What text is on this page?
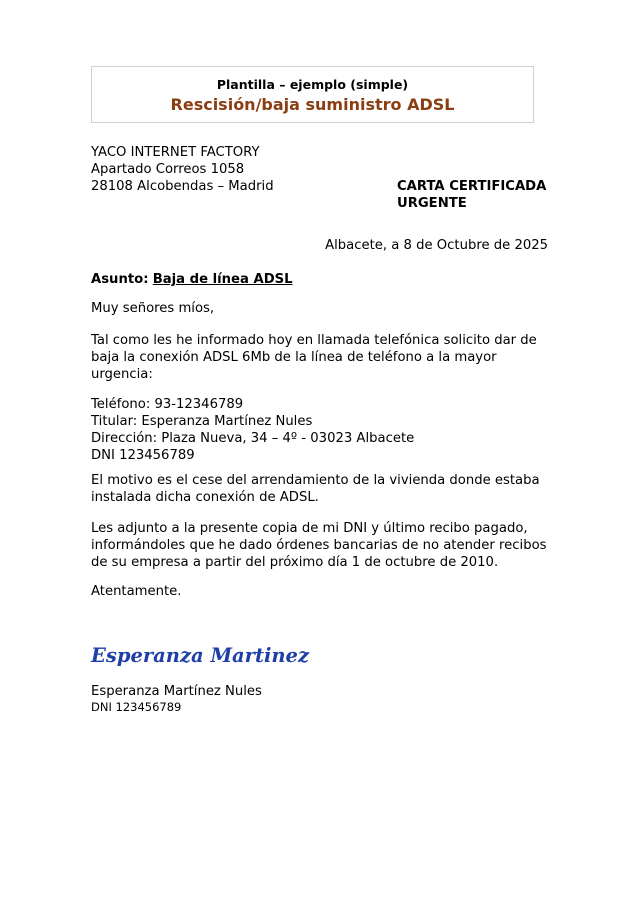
Plantilla – ejemplo (simple)
Rescisión/baja suministro ADSL
YACO INTERNET FACTORY
Apartado Correos 1058
28108 Alcobendas – Madrid	CARTA CERTIFICADA
URGENTE
Albacete, a 8 de Octubre de 2025
Asunto: Baja de línea ADSL
Muy señores míos,
Tal como les he informado hoy en llamada telefónica solicito dar de
baja la conexión ADSL 6Mb de la línea de teléfono a la mayor
urgencia:
Teléfono: 93-12346789
Titular: Esperanza Martínez Nules
Dirección: Plaza Nueva, 34 – 4º - 03023 Albacete
DNI 123456789
El motivo es el cese del arrendamiento de la vivienda donde estaba
instalada dicha conexión de ADSL.
Les adjunto a la presente copia de mi DNI y último recibo pagado,
informándoles que he dado órdenes bancarias de no atender recibos
de su empresa a partir del próximo día 1 de octubre de 2010.
Atentamente.
Esperanza Martinez
Esperanza Martínez Nules
DNI 123456789
